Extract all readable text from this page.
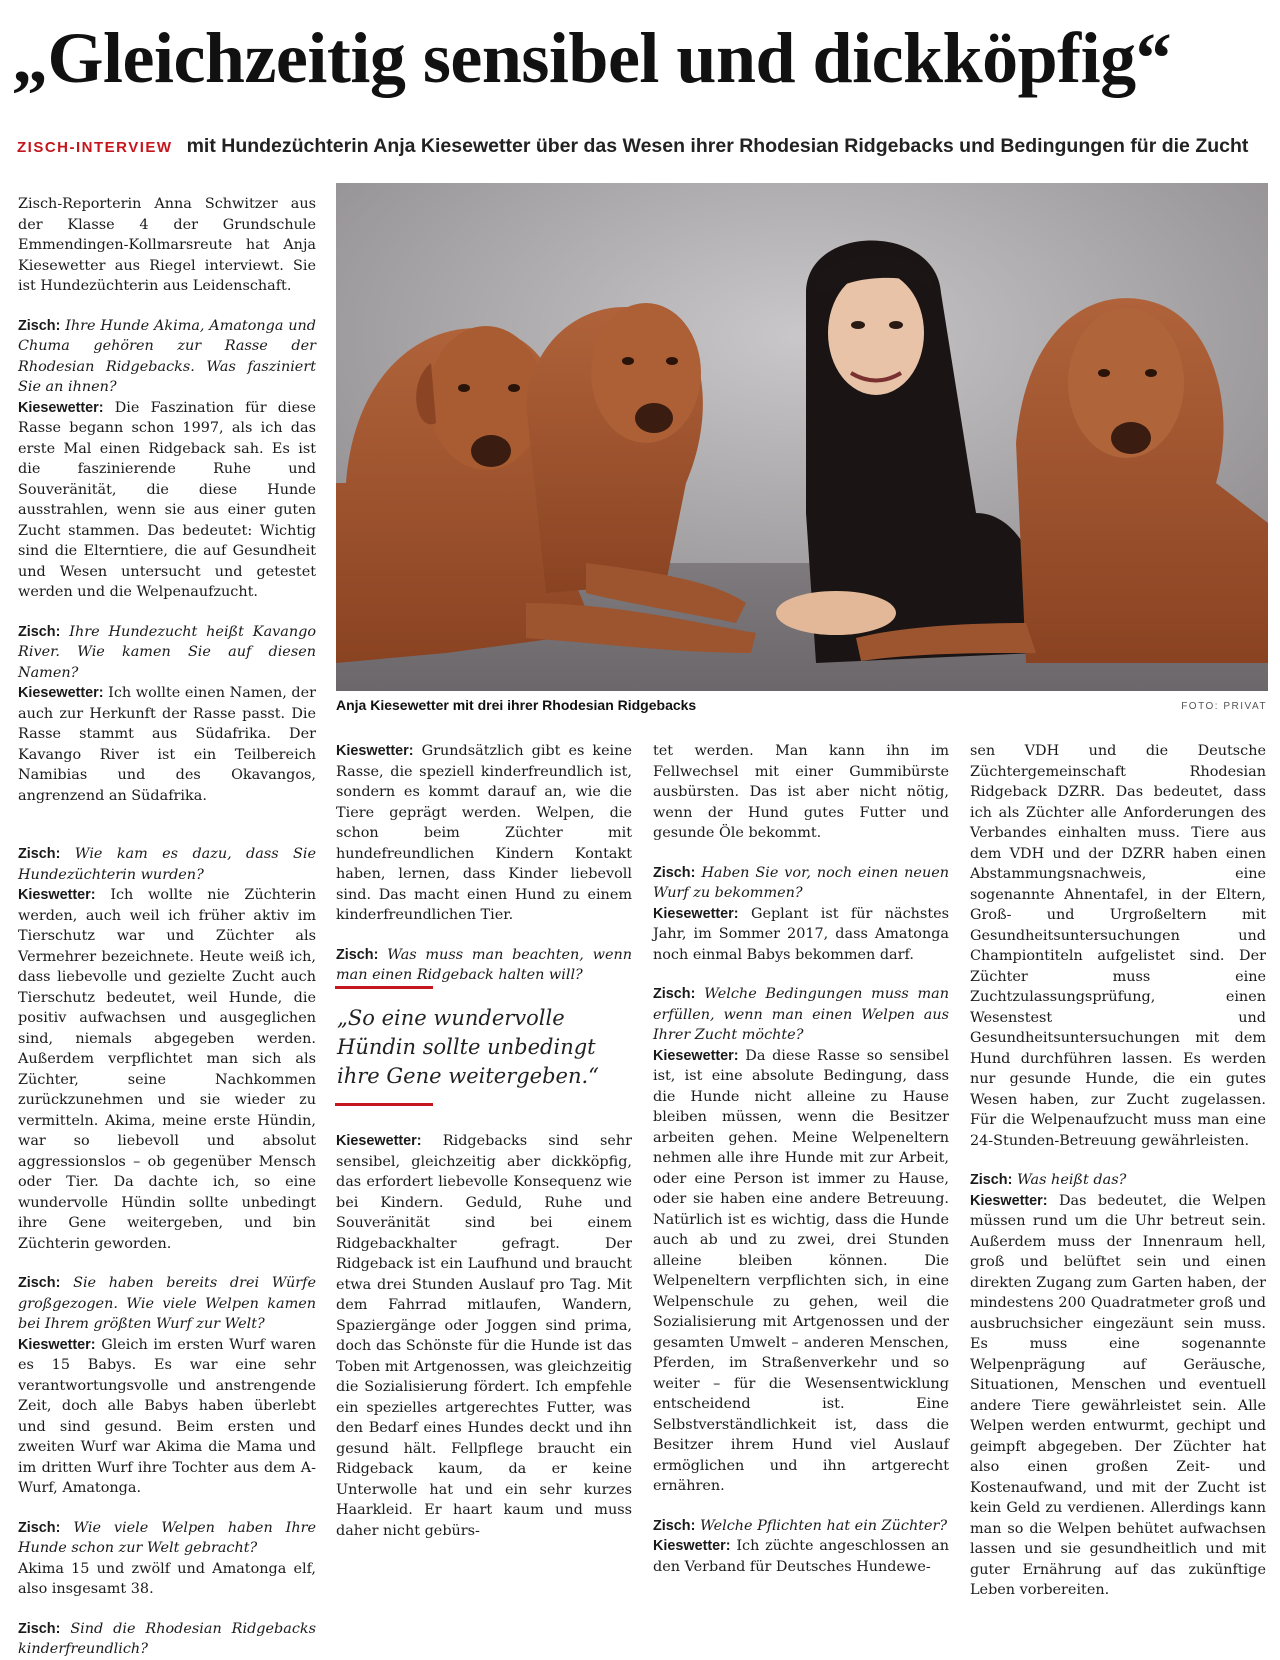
„Gleichzeitig sensibel und dickköpfig“
ZISCH-INTERVIEW mit Hundezüchterin Anja Kiesewetter über das Wesen ihrer Rhodesian Ridgebacks und Bedingungen für die Zucht

Zisch-Reporterin Anna Schwitzer aus der Klasse 4 der Grundschule Emmendingen-Kollmarsreute hat Anja Kiesewetter aus Riegel interviewt. Sie ist Hundezüchterin aus Leidenschaft.

Zisch: Ihre Hunde Akima, Amatonga und Chuma gehören zur Rasse der Rhodesian Ridgebacks. Was fasziniert Sie an ihnen?

Kiesewetter: Die Faszination für diese Rasse begann schon 1997, als ich das erste Mal einen Ridgeback sah. Es ist die faszinierende Ruhe und Souveränität, die diese Hunde ausstrahlen, wenn sie aus einer guten Zucht stammen. Das bedeutet: Wichtig sind die Elterntiere, die auf Gesundheit und Wesen untersucht und getestet werden und die Welpenaufzucht.

Zisch: Ihre Hundezucht heißt Kavango River. Wie kamen Sie auf diesen Namen?

Kiesewetter: Ich wollte einen Namen, der auch zur Herkunft der Rasse passt. Die Rasse stammt aus Südafrika. Der Kavango River ist ein Teilbereich Namibias und des Okavangos, angrenzend an Südafrika.

Zisch: Wie kam es dazu, dass Sie Hundezüchterin wurden?

Kieswetter: Ich wollte nie Züchterin werden, auch weil ich früher aktiv im Tierschutz war und Züchter als Vermehrer bezeichnete. Heute weiß ich, dass liebevolle und gezielte Zucht auch Tierschutz bedeutet, weil Hunde, die positiv aufwachsen und ausgeglichen sind, niemals abgegeben werden. Außerdem verpflichtet man sich als Züchter, seine Nachkommen zurückzunehmen und sie wieder zu vermitteln. Akima, meine erste Hündin, war so liebevoll und absolut aggressionslos – ob gegenüber Mensch oder Tier. Da dachte ich, so eine wundervolle Hündin sollte unbedingt ihre Gene weitergeben, und bin Züchterin geworden.

Zisch: Sie haben bereits drei Würfe großgezogen. Wie viele Welpen kamen bei Ihrem größten Wurf zur Welt?

Kieswetter: Gleich im ersten Wurf waren es 15 Babys. Es war eine sehr verantwortungsvolle und anstrengende Zeit, doch alle Babys haben überlebt und sind gesund. Beim ersten und zweiten Wurf war Akima die Mama und im dritten Wurf ihre Tochter aus dem A-Wurf, Amatonga.

Zisch: Wie viele Welpen haben Ihre Hunde schon zur Welt gebracht?

Akima 15 und zwölf und Amatonga elf, also insgesamt 38.

Zisch: Sind die Rhodesian Ridgebacks kinderfreundlich?

Anja Kiesewetter mit drei ihrer Rhodesian Ridgebacks	FOTO: PRIVAT

Kieswetter: Grundsätzlich gibt es keine Rasse, die speziell kinderfreundlich ist, sondern es kommt darauf an, wie die Tiere geprägt werden. Welpen, die schon beim Züchter mit hundefreundlichen Kindern Kontakt haben, lernen, dass Kinder liebevoll sind. Das macht einen Hund zu einem kinderfreundlichen Tier.

Zisch: Was muss man beachten, wenn man einen Ridgeback halten will?

„So eine wundervolle Hündin sollte unbedingt ihre Gene weitergeben.“

Kiesewetter: Ridgebacks sind sehr sensibel, gleichzeitig aber dickköpfig, das erfordert liebevolle Konsequenz wie bei Kindern. Geduld, Ruhe und Souveränität sind bei einem Ridgebackhalter gefragt. Der Ridgeback ist ein Laufhund und braucht etwa drei Stunden Auslauf pro Tag. Mit dem Fahrrad mitlaufen, Wandern, Spaziergänge oder Joggen sind prima, doch das Schönste für die Hunde ist das Toben mit Artgenossen, was gleichzeitig die Sozialisierung fördert. Ich empfehle ein spezielles artgerechtes Futter, was den Bedarf eines Hundes deckt und ihn gesund hält. Fellpflege braucht ein Ridgeback kaum, da er keine Unterwolle hat und ein sehr kurzes Haarkleid. Er haart kaum und muss daher nicht gebürs-

tet werden. Man kann ihn im Fellwechsel mit einer Gummibürste ausbürsten. Das ist aber nicht nötig, wenn der Hund gutes Futter und gesunde Öle bekommt.

Zisch: Haben Sie vor, noch einen neuen Wurf zu bekommen?

Kiesewetter: Geplant ist für nächstes Jahr, im Sommer 2017, dass Amatonga noch einmal Babys bekommen darf.

Zisch: Welche Bedingungen muss man erfüllen, wenn man einen Welpen aus Ihrer Zucht möchte?

Kiesewetter: Da diese Rasse so sensibel ist, ist eine absolute Bedingung, dass die Hunde nicht alleine zu Hause bleiben müssen, wenn die Besitzer arbeiten gehen. Meine Welpeneltern nehmen alle ihre Hunde mit zur Arbeit, oder eine Person ist immer zu Hause, oder sie haben eine andere Betreuung. Natürlich ist es wichtig, dass die Hunde auch ab und zu zwei, drei Stunden alleine bleiben können. Die Welpeneltern verpflichten sich, in eine Welpenschule zu gehen, weil die Sozialisierung mit Artgenossen und der gesamten Umwelt – anderen Menschen, Pferden, im Straßenverkehr und so weiter – für die Wesensentwicklung entscheidend ist. Eine Selbstverständlichkeit ist, dass die Besitzer ihrem Hund viel Auslauf ermöglichen und ihn artgerecht ernähren.

Zisch: Welche Pflichten hat ein Züchter?

Kieswetter: Ich züchte angeschlossen an den Verband für Deutsches Hundewe-

sen VDH und die Deutsche Züchtergemeinschaft Rhodesian Ridgeback DZRR. Das bedeutet, dass ich als Züchter alle Anforderungen des Verbandes einhalten muss. Tiere aus dem VDH und der DZRR haben einen Abstammungsnachweis, eine sogenannte Ahnentafel, in der Eltern, Groß- und Urgroßeltern mit Gesundheitsuntersuchungen und Championtiteln aufgelistet sind. Der Züchter muss eine Zuchtzulassungsprüfung, einen Wesenstest und Gesundheitsuntersuchungen mit dem Hund durchführen lassen. Es werden nur gesunde Hunde, die ein gutes Wesen haben, zur Zucht zugelassen. Für die Welpenaufzucht muss man eine 24-Stunden-Betreuung gewährleisten.

Zisch: Was heißt das?

Kieswetter: Das bedeutet, die Welpen müssen rund um die Uhr betreut sein. Außerdem muss der Innenraum hell, groß und belüftet sein und einen direkten Zugang zum Garten haben, der mindestens 200 Quadratmeter groß und ausbruchsicher eingezäunt sein muss. Es muss eine sogenannte Welpenprägung auf Geräusche, Situationen, Menschen und eventuell andere Tiere gewährleistet sein. Alle Welpen werden entwurmt, gechipt und geimpft abgegeben. Der Züchter hat also einen großen Zeit- und Kostenaufwand, und mit der Zucht ist kein Geld zu verdienen. Allerdings kann man so die Welpen behütet aufwachsen lassen und sie gesundheitlich und mit guter Ernährung auf das zukünftige Leben vorbereiten.
